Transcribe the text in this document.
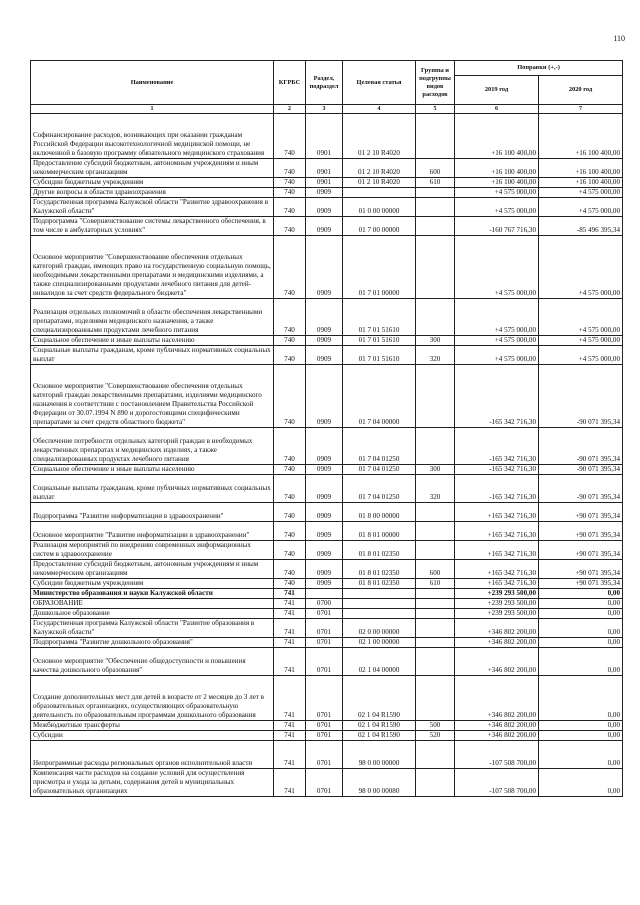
110
Наименование	КГРБС	Раздел, подраздел	Целевая статья	Группы и подгруппы видов расходов	Поправки (+,-)	
					2019 год	2020 год
1	2	3	4	5	6	7
Софинансирование расходов, возникающих при оказании гражданам Российской Федерации высокотехнологичной медицинской помощи, не включенной в базовую программу обязательного медицинского страхования	740	0901	01 2 10 R4020		+16 100 400,00	+16 100 400,00
Предоставление субсидий бюджетным, автономным учреждениям и иным некоммерческим организациям	740	0901	01 2 10 R4020	600	+16 100 400,00	+16 100 400,00
Субсидии бюджетным учреждениям	740	0901	01 2 10 R4020	610	+16 100 400,00	+16 100 400,00
Другие вопросы в области здравоохранения	740	0909			+4 575 000,00	+4 575 000,00
Государственная программа Калужской области "Развитие здравоохранения в Калужской области"	740	0909	01 0 00 00000		+4 575 000,00	+4 575 000,00
Подпрограмма "Совершенствование системы лекарственного обеспечения, в том числе в амбулаторных условиях"	740	0909	01 7 00 00000		-160 767 716,30	-85 496 395,34
Основное мероприятие "Совершенствование обеспечения отдельных категорий граждан, имеющих право на государственную социальную помощь, необходимыми лекарственными препаратами и медицинскими изделиями, а также специализированными продуктами лечебного питания для детей-инвалидов за счет средств федерального бюджета"	740	0909	01 7 01 00000		+4 575 000,00	+4 575 000,00
Реализация отдельных полномочий в области обеспечения лекарственными препаратами, изделиями медицинского назначения, а также специализированными продуктами лечебного питания	740	0909	01 7 01 51610		+4 575 000,00	+4 575 000,00
Социальное обеспечение и иные выплаты населению	740	0909	01 7 01 51610	300	+4 575 000,00	+4 575 000,00
Социальные выплаты гражданам, кроме публичных нормативных социальных выплат	740	0909	01 7 01 51610	320	+4 575 000,00	+4 575 000,00
Основное мероприятие "Совершенствование обеспечения отдельных категорий граждан лекарственными препаратами, изделиями медицинского назначения в соответствии с постановлением Правительства Российской Федерации от 30.07.1994 N 890 и дорогостоящими специфическими препаратами за счет средств областного бюджета"	740	0909	01 7 04 00000		-165 342 716,30	-90 071 395,34
Обеспечение потребности отдельных категорий граждан в необходимых лекарственных препаратах и медицинских изделиях, а также специализированных продуктах лечебного питания	740	0909	01 7 04 01250		-165 342 716,30	-90 071 395,34
Социальное обеспечение и иные выплаты населению	740	0909	01 7 04 01250	300	-165 342 716,30	-90 071 395,34
Социальные выплаты гражданам, кроме публичных нормативных социальных выплат	740	0909	01 7 04 01250	320	-165 342 716,30	-90 071 395,34
Подпрограмма "Развитие информатизации в здравоохранении"	740	0909	01 8 00 00000		+165 342 716,30	+90 071 395,34
Основное мероприятие "Развитие информатизации в здравоохранении"	740	0909	01 8 01 00000		+165 342 716,30	+90 071 395,34
Реализация мероприятий по внедрению современных информационных систем в здравоохранение	740	0909	01 8 01 02350		+165 342 716,30	+90 071 395,34
Предоставление субсидий бюджетным, автономным учреждениям и иным некоммерческим организациям	740	0909	01 8 01 02350	600	+165 342 716,30	+90 071 395,34
Субсидии бюджетным учреждениям	740	0909	01 8 01 02350	610	+165 342 716,30	+90 071 395,34
Министерство образования и науки Калужской области	741				+239 293 500,00	0,00
ОБРАЗОВАНИЕ	741	0700			+239 293 500,00	0,00
Дошкольное образование	741	0701			+239 293 500,00	0,00
Государственная программа Калужской области "Развитие образования в Калужской области"	741	0701	02 0 00 00000		+346 802 200,00	0,00
Подпрограмма "Развитие дошкольного образования"	741	0701	02 1 00 00000		+346 802 200,00	0,00
Основное мероприятие "Обеспечение общедоступности и повышения качества дошкольного образования"	741	0701	02 1 04 00000		+346 802 200,00	0,00
Создание дополнительных мест для детей в возрасте от 2 месяцев до 3 лет в образовательных организациях, осуществляющих образовательную деятельность по образовательным программам дошкольного образования	741	0701	02 1 04 R1590		+346 802 200,00	0,00
Межбюджетные трансферты	741	0701	02 1 04 R1590	500	+346 802 200,00	0,00
Субсидии	741	0701	02 1 04 R1590	520	+346 802 200,00	0,00
Непрограммные расходы региональных органов исполнительной власти	741	0701	98 0 00 00000		-107 508 700,00	0,00
Компенсация части расходов на создание условий для осуществления присмотра и ухода за детьми, содержания детей в муниципальных образовательных организациях	741	0701	98 0 00 00080		-107 508 700,00	0,00
